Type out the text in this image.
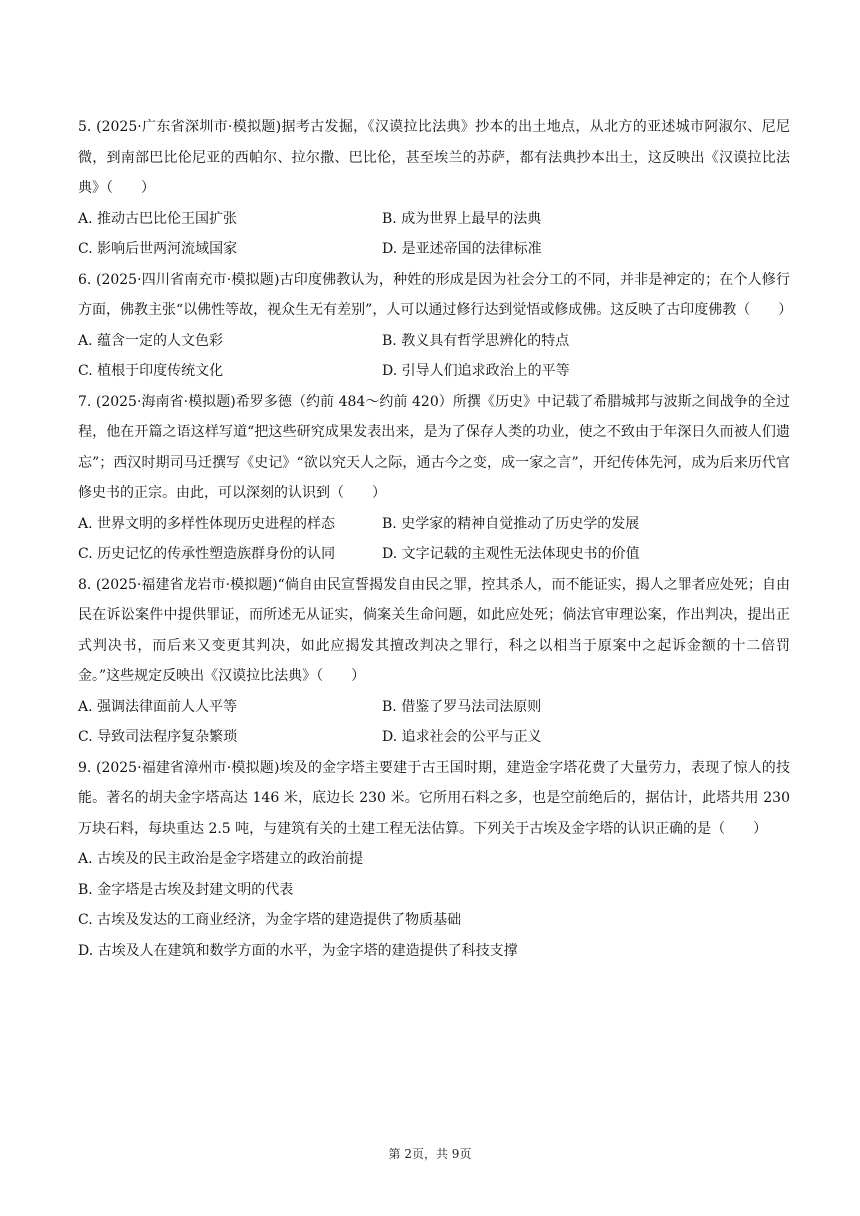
5. (2025·广东省深圳市·模拟题)据考古发掘，《汉谟拉比法典》抄本的出土地点，从北方的亚述城市阿淑尔、尼尼微，到南部巴比伦尼亚的西帕尔、拉尔撒、巴比伦，甚至埃兰的苏萨，都有法典抄本出土，这反映出《汉谟拉比法典》（　　）

A. 推动古巴比伦王国扩张	B. 成为世界上最早的法典

C. 影响后世两河流域国家	D. 是亚述帝国的法律标准

6. (2025·四川省南充市·模拟题)古印度佛教认为，种姓的形成是因为社会分工的不同，并非是神定的；在个人修行方面，佛教主张“以佛性等故，视众生无有差别”，人可以通过修行达到觉悟或修成佛。这反映了古印度佛教（　　）

A. 蕴含一定的人文色彩	B. 教义具有哲学思辨化的特点

C. 植根于印度传统文化	D. 引导人们追求政治上的平等

7. (2025·海南省·模拟题)希罗多德（约前 484～约前 420）所撰《历史》中记载了希腊城邦与波斯之间战争的全过程，他在开篇之语这样写道“把这些研究成果发表出来，是为了保存人类的功业，使之不致由于年深日久而被人们遗忘”；西汉时期司马迁撰写《史记》“欲以究天人之际，通古今之变，成一家之言”，开纪传体先河，成为后来历代官修史书的正宗。由此，可以深刻的认识到（　　）

A. 世界文明的多样性体现历史进程的样态	B. 史学家的精神自觉推动了历史学的发展

C. 历史记忆的传承性塑造族群身份的认同	D. 文字记载的主观性无法体现史书的价值

8. (2025·福建省龙岩市·模拟题)“倘自由民宣誓揭发自由民之罪，控其杀人，而不能证实，揭人之罪者应处死；自由民在诉讼案件中提供罪证，而所述无从证实，倘案关生命问题，如此应处死；倘法官审理讼案，作出判决，提出正式判决书，而后来又变更其判决，如此应揭发其擅改判决之罪行，科之以相当于原案中之起诉金额的十二倍罚金。”这些规定反映出《汉谟拉比法典》（　　）

A. 强调法律面前人人平等	B. 借鉴了罗马法司法原则

C. 导致司法程序复杂繁琐	D. 追求社会的公平与正义

9. (2025·福建省漳州市·模拟题)埃及的金字塔主要建于古王国时期，建造金字塔花费了大量劳力，表现了惊人的技能。著名的胡夫金字塔高达 146 米，底边长 230 米。它所用石料之多，也是空前绝后的，据估计，此塔共用 230 万块石料，每块重达 2.5 吨，与建筑有关的土建工程无法估算。下列关于古埃及金字塔的认识正确的是（　　）

A. 古埃及的民主政治是金字塔建立的政治前提

B. 金字塔是古埃及封建文明的代表

C. 古埃及发达的工商业经济，为金字塔的建造提供了物质基础

D. 古埃及人在建筑和数学方面的水平，为金字塔的建造提供了科技支撑

第 2页，共 9页
